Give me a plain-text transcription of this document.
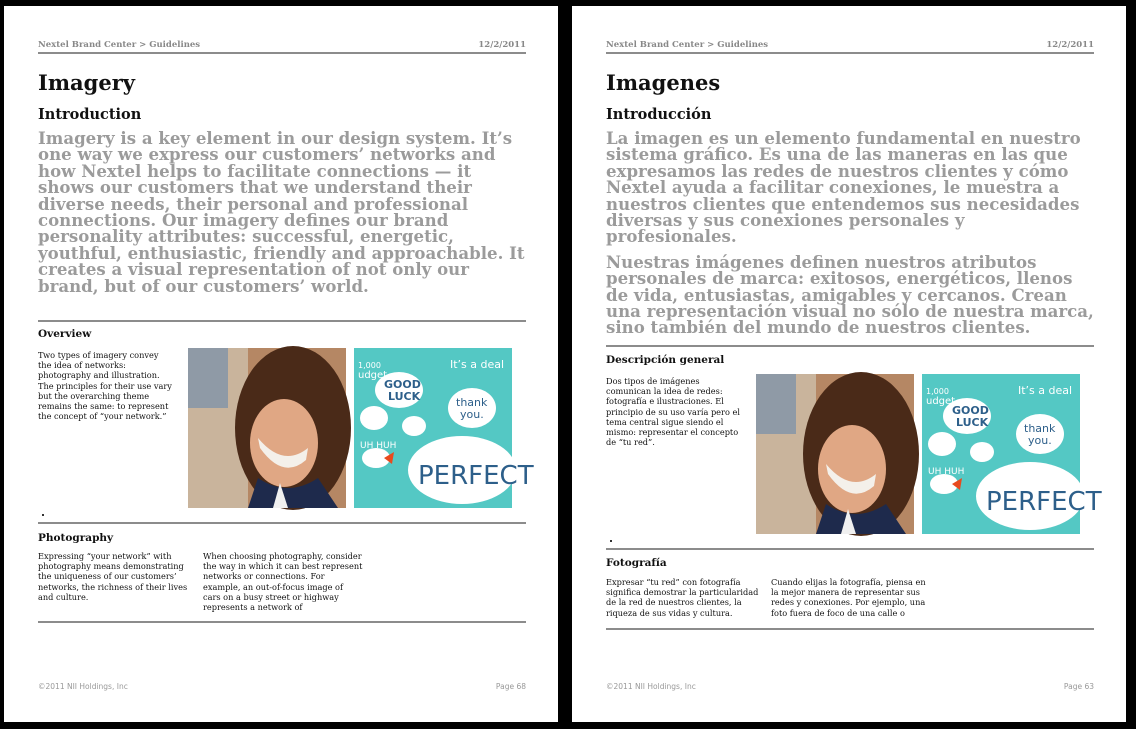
Nextel Brand Center > Guidelines	12/2/2011
Imagery
Introduction

Imagery is a key element in our design system. It’s one way we express our customers’ networks and how Nextel helps to facilitate connections — it shows our customers that we understand their diverse needs, their personal and professional connections. Our imagery defines our brand personality attributes: successful, energetic, youthful, enthusiastic, friendly and approachable. It creates a visual representation of not only our brand, but of our customers’ world.

Overview
Two types of imagery convey the idea of networks: photography and illustration. The principles for their use vary but the overarching theme remains the same: to represent the concept of “your network.”
1,000
udget
It’s a deal
GOOD
LUCK	thank
you.
PERFECT
UH HUH
Photography
Expressing “your network” with photography means demonstrating the uniqueness of our customers’ networks, the richness of their lives and culture.
When choosing photography, consider the way in which it can best represent networks or connections. For example, an out-of-focus image of cars on a busy street or highway represents a network of
©2011 NII Holdings, Inc	Page 68
Nextel Brand Center > Guidelines	12/2/2011
Imagenes
Introducción

La imagen es un elemento fundamental en nuestro sistema gráfico. Es una de las maneras en las que expresamos las redes de nuestros clientes y cómo Nextel ayuda a facilitar conexiones, le muestra a nuestros clientes que entendemos sus necesidades diversas y sus conexiones personales y profesionales.

Nuestras imágenes definen nuestros atributos personales de marca: exitosos, energéticos, llenos de vida, entusiastas, amigables y cercanos. Crean una representación visual no sólo de nuestra marca, sino también del mundo de nuestros clientes.

Descripción general
Dos tipos de imágenes comunican la idea de redes: fotografía e ilustraciones. El principio de su uso varía pero el tema central sigue siendo el mismo: representar el concepto de “tu red”.
1,000
udget
It’s a deal
GOOD
LUCK	thank
you.
PERFECT
UH HUH
Fotografía
Expresar “tu red” con fotografía significa demostrar la particularidad de la red de nuestros clientes, la riqueza de sus vidas y cultura.
Cuando elijas la fotografía, piensa en la mejor manera de representar sus redes y conexiones. Por ejemplo, una foto fuera de foco de una calle o
©2011 NII Holdings, Inc	Page 63
